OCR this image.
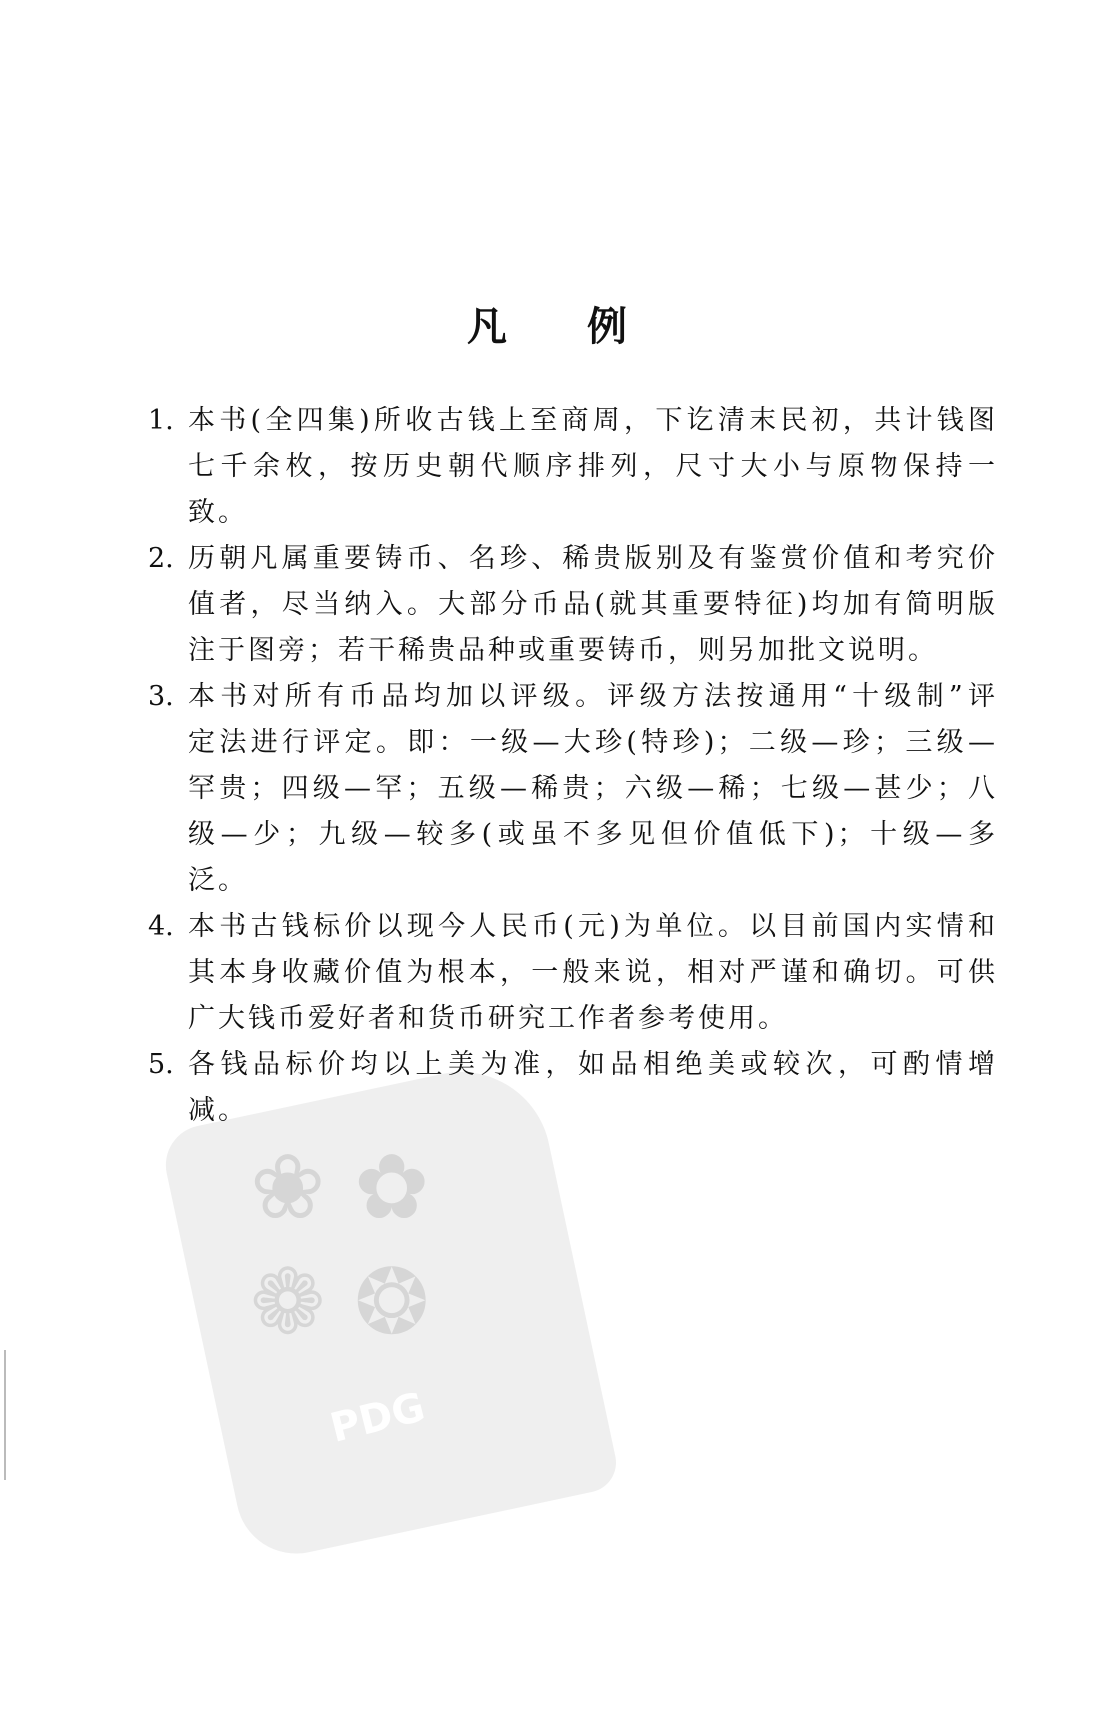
❀ ✿
❁ ❂
PDG
凡例
1. 本书(全四集)所收古钱上至商周，下讫清末民初，共计钱图
七千余枚，按历史朝代顺序排列，尺寸大小与原物保持一
致。
2. 历朝凡属重要铸币、名珍、稀贵版别及有鉴赏价值和考究价
值者，尽当纳入。大部分币品(就其重要特征)均加有简明版
注于图旁；若干稀贵品种或重要铸币，则另加批文说明。
3. 本书对所有币品均加以评级。评级方法按通用“十级制”评
定法进行评定。即：一级—大珍(特珍)；二级—珍；三级—
罕贵；四级—罕；五级—稀贵；六级—稀；七级—甚少；八
级—少；九级—较多(或虽不多见但价值低下)；十级—多
泛。
4. 本书古钱标价以现今人民币(元)为单位。以目前国内实情和
其本身收藏价值为根本，一般来说，相对严谨和确切。可供
广大钱币爱好者和货币研究工作者参考使用。
5. 各钱品标价均以上美为准，如品相绝美或较次，可酌情增
减。
